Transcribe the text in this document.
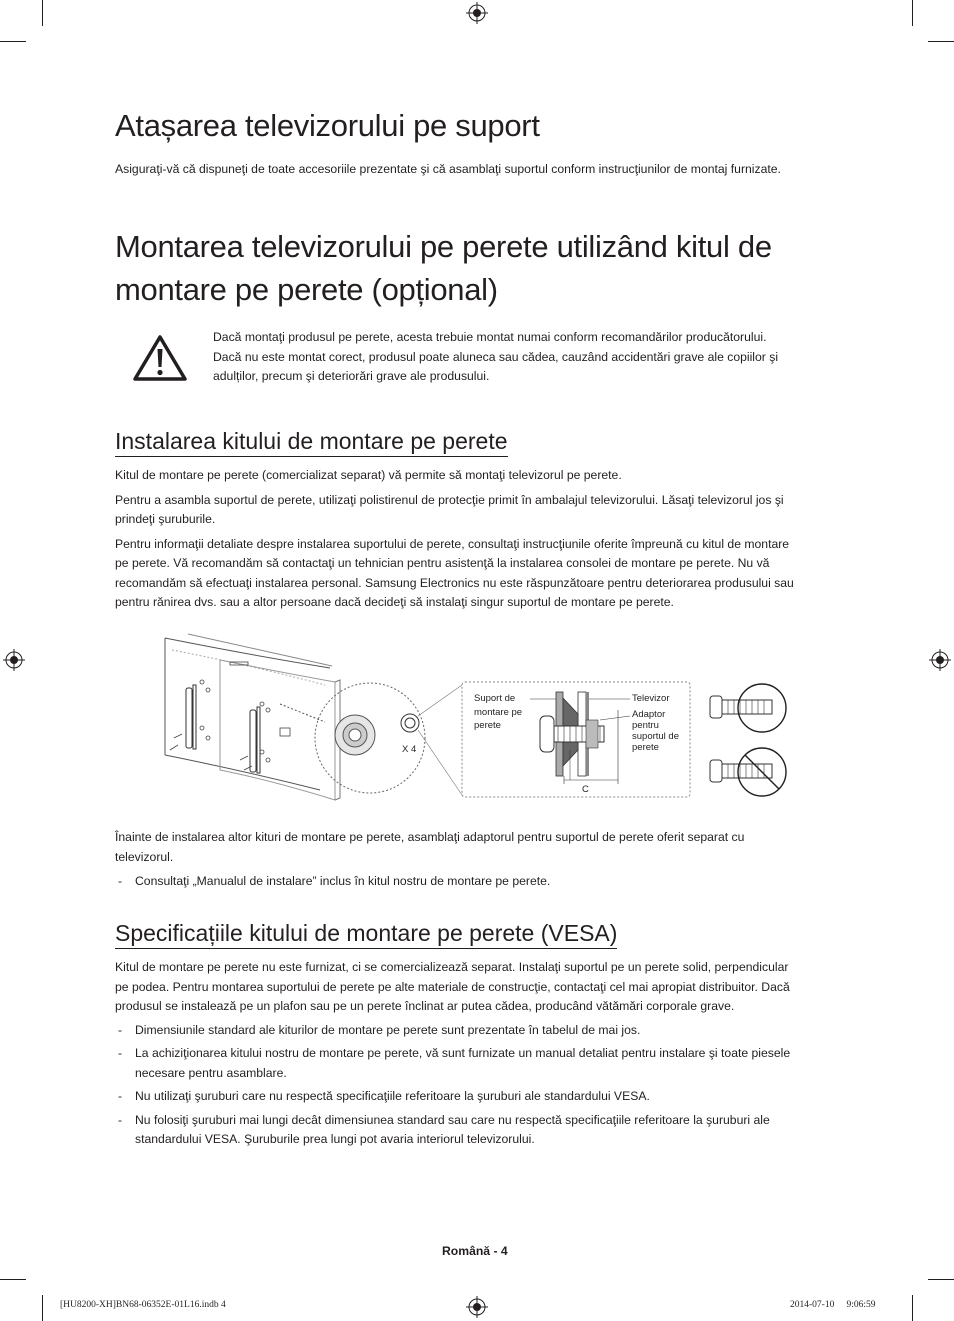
Atașarea televizorului pe suport

Asiguraţi-vă că dispuneţi de toate accesoriile prezentate şi că asamblaţi suportul conform instrucţiunilor de montaj furnizate.

Montarea televizorului pe perete utilizând kitul de
montare pe perete (opțional)
Dacă montaţi produsul pe perete, acesta trebuie montat numai conform recomandărilor producătorului.
Dacă nu este montat corect, produsul poate aluneca sau cădea, cauzând accidentări grave ale copiilor şi
adulților, precum şi deteriorări grave ale produsului.
Instalarea kitului de montare pe perete
Kitul de montare pe perete (comercializat separat) vă permite să montaţi televizorul pe perete.
Pentru a asambla suportul de perete, utilizaţi polistirenul de protecţie primit în ambalajul televizorului. Lăsaţi televizorul jos şi
prindeţi şuruburile.
Pentru informaţii detaliate despre instalarea suportului de perete, consultaţi instrucţiunile oferite împreună cu kitul de montare
pe perete. Vă recomandăm să contactaţi un tehnician pentru asistenţă la instalarea consolei de montare pe perete. Nu vă
recomandăm să efectuaţi instalarea personal. Samsung Electronics nu este răspunzătoare pentru deteriorarea produsului sau
pentru rănirea dvs. sau a altor persoane dacă decideţi să instalaţi singur suportul de montare pe perete.
X 4
Suport de montare pe perete
Televizor
Adaptor pentru suportul de perete
C
Înainte de instalarea altor kituri de montare pe perete, asamblaţi adaptorul pentru suportul de perete oferit separat cu
televizorul.
- Consultaţi „Manualul de instalare” inclus în kitul nostru de montare pe perete.
Specificațiile kitului de montare pe perete (VESA)
Kitul de montare pe perete nu este furnizat, ci se comercializează separat. Instalaţi suportul pe un perete solid, perpendicular
pe podea. Pentru montarea suportului de perete pe alte materiale de construcţie, contactaţi cel mai apropiat distribuitor. Dacă
produsul se instalează pe un plafon sau pe un perete înclinat ar putea cădea, producând vătămări corporale grave.
- Dimensiunile standard ale kiturilor de montare pe perete sunt prezentate în tabelul de mai jos.
- La achiziţionarea kitului nostru de montare pe perete, vă sunt furnizate un manual detaliat pentru instalare şi toate piesele
necesare pentru asamblare.
- Nu utilizaţi şuruburi care nu respectă specificaţiile referitoare la şuruburi ale standardului VESA.
- Nu folosiţi şuruburi mai lungi decât dimensiunea standard sau care nu respectă specificaţiile referitoare la şuruburi ale
standardului VESA. Şuruburile prea lungi pot avaria interiorul televizorului.
Română - 4
[HU8200-XH]BN68-06352E-01L16.indb 4	2014-07-10 ￿ 9:06:59
